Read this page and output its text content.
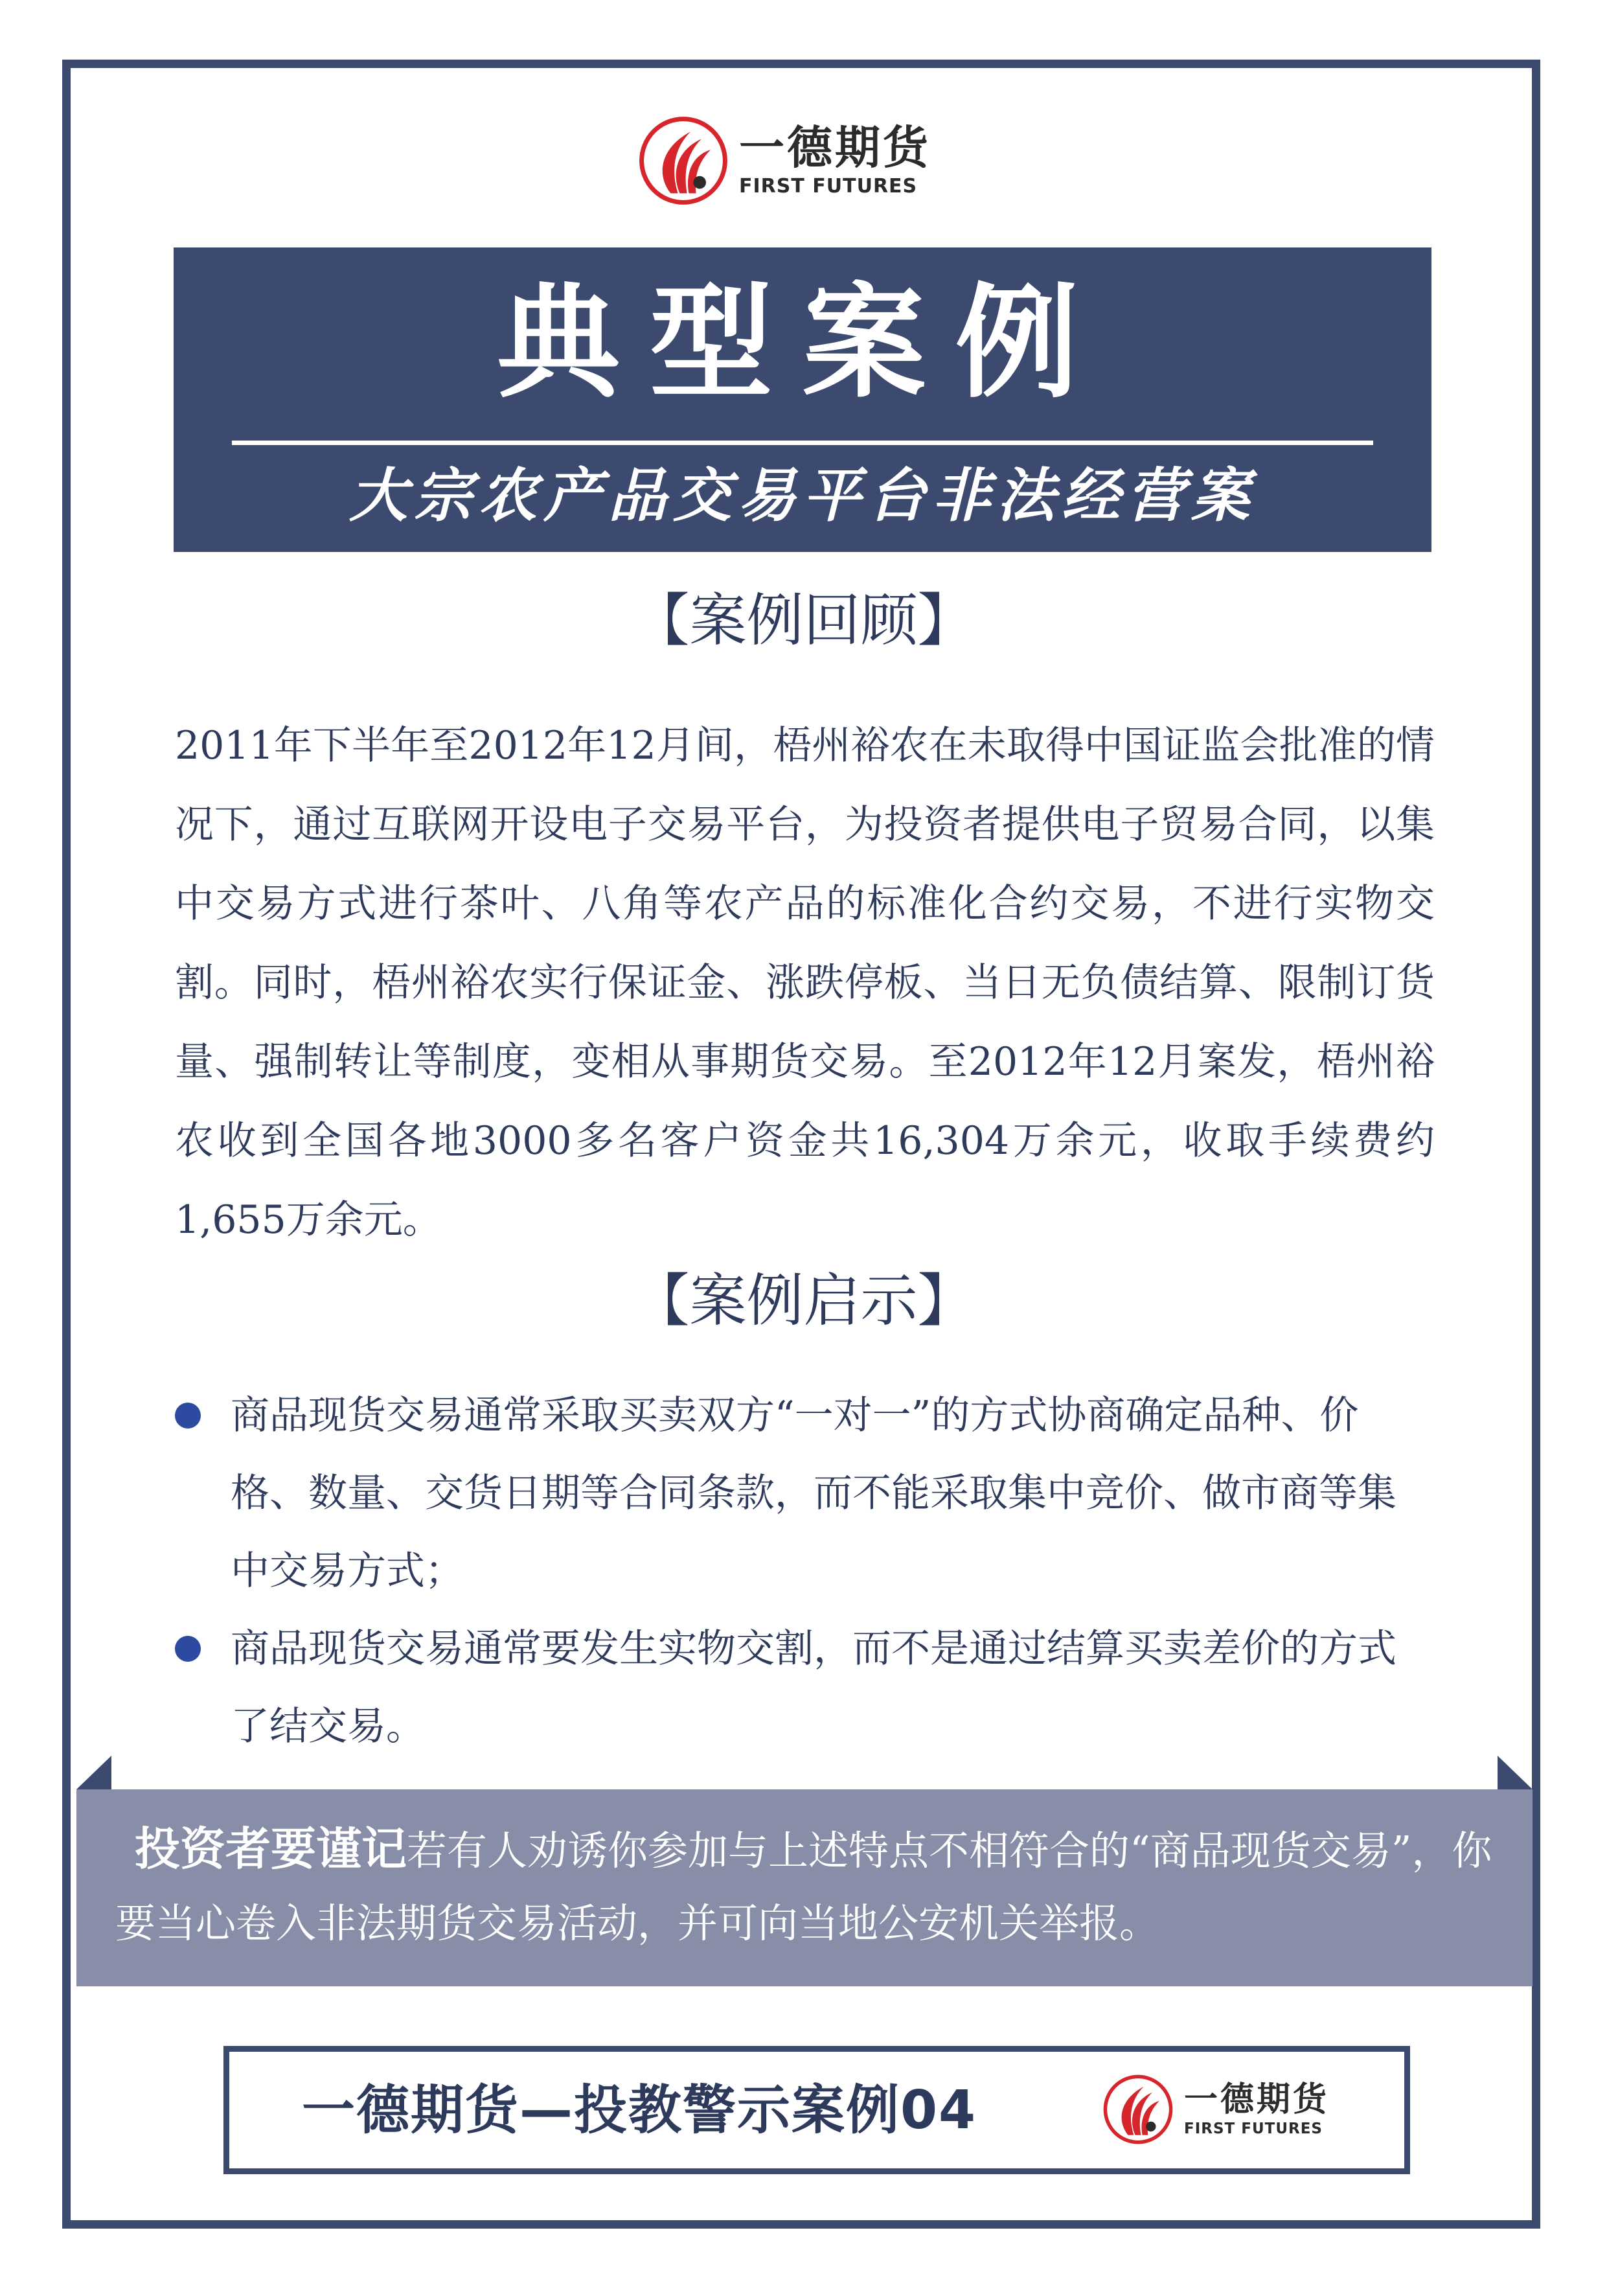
一德期货
FIRST FUTURES
典型案例
大宗农产品交易平台非法经营案
【案例回顾】
2011年下半年至2012年12月间，梧州裕农在未取得中国证监会批准的情况下，通过互联网开设电子交易平台，为投资者提供电子贸易合同，以集中交易方式进行茶叶、八角等农产品的标准化合约交易，不进行实物交割。同时，梧州裕农实行保证金、涨跌停板、当日无负债结算、限制订货量、强制转让等制度，变相从事期货交易。至2012年12月案发，梧州裕农收到全国各地3000多名客户资金共16,304万余元，收取手续费约1,655万余元。
【案例启示】
商品现货交易通常采取买卖双方“一对一”的方式协商确定品种、价格、数量、交货日期等合同条款，而不能采取集中竞价、做市商等集中交易方式；
商品现货交易通常要发生实物交割，而不是通过结算买卖差价的方式了结交易。
投资者要谨记若有人劝诱你参加与上述特点不相符合的“商品现货交易”，你要当心卷入非法期货交易活动，并可向当地公安机关举报。
一德期货—投教警示案例04	一德期货
FIRST FUTURES
